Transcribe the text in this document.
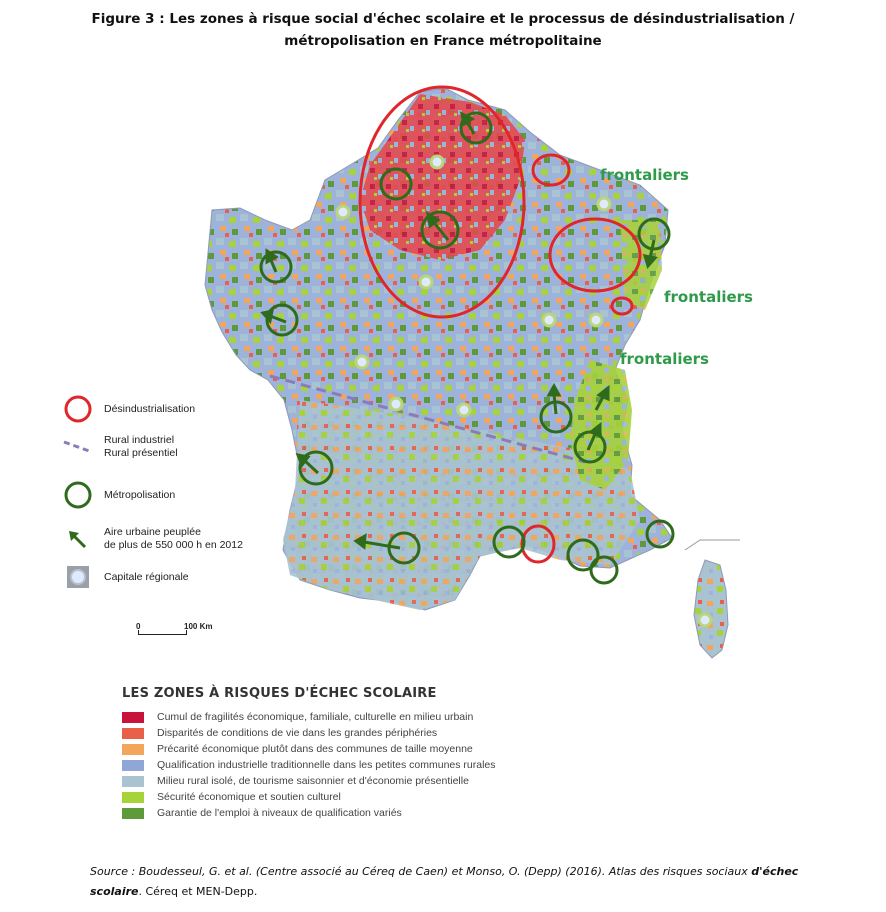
Figure 3 : Les zones à risque social d'échec scolaire et le processus de désindustrialisation /
métropolisation en France métropolitaine
frontaliers
frontaliers
frontaliers
Désindustrialisation
Rural industriel
Rural présentiel
Métropolisation
Aire urbaine peuplée
de plus de 550 000 h en 2012
Capitale régionale
0	100 Km
LES ZONES À RISQUES D'ÉCHEC SCOLAIRE
Cumul de fragilités économique, familiale, culturelle en milieu urbain
Disparités de conditions de vie dans les grandes périphéries
Précarité économique plutôt dans des communes de taille moyenne
Qualification industrielle traditionnelle dans les petites communes rurales
Milieu rural isolé, de tourisme saisonnier et d'économie présentielle
Sécurité économique et soutien culturel
Garantie de l'emploi à niveaux de qualification variés
Source : Boudesseul, G. et al. (Centre associé au Céreq de Caen) et Monso, O. (Depp) (2016). Atlas des risques sociaux d'échec scolaire. Céreq et MEN-Depp.
